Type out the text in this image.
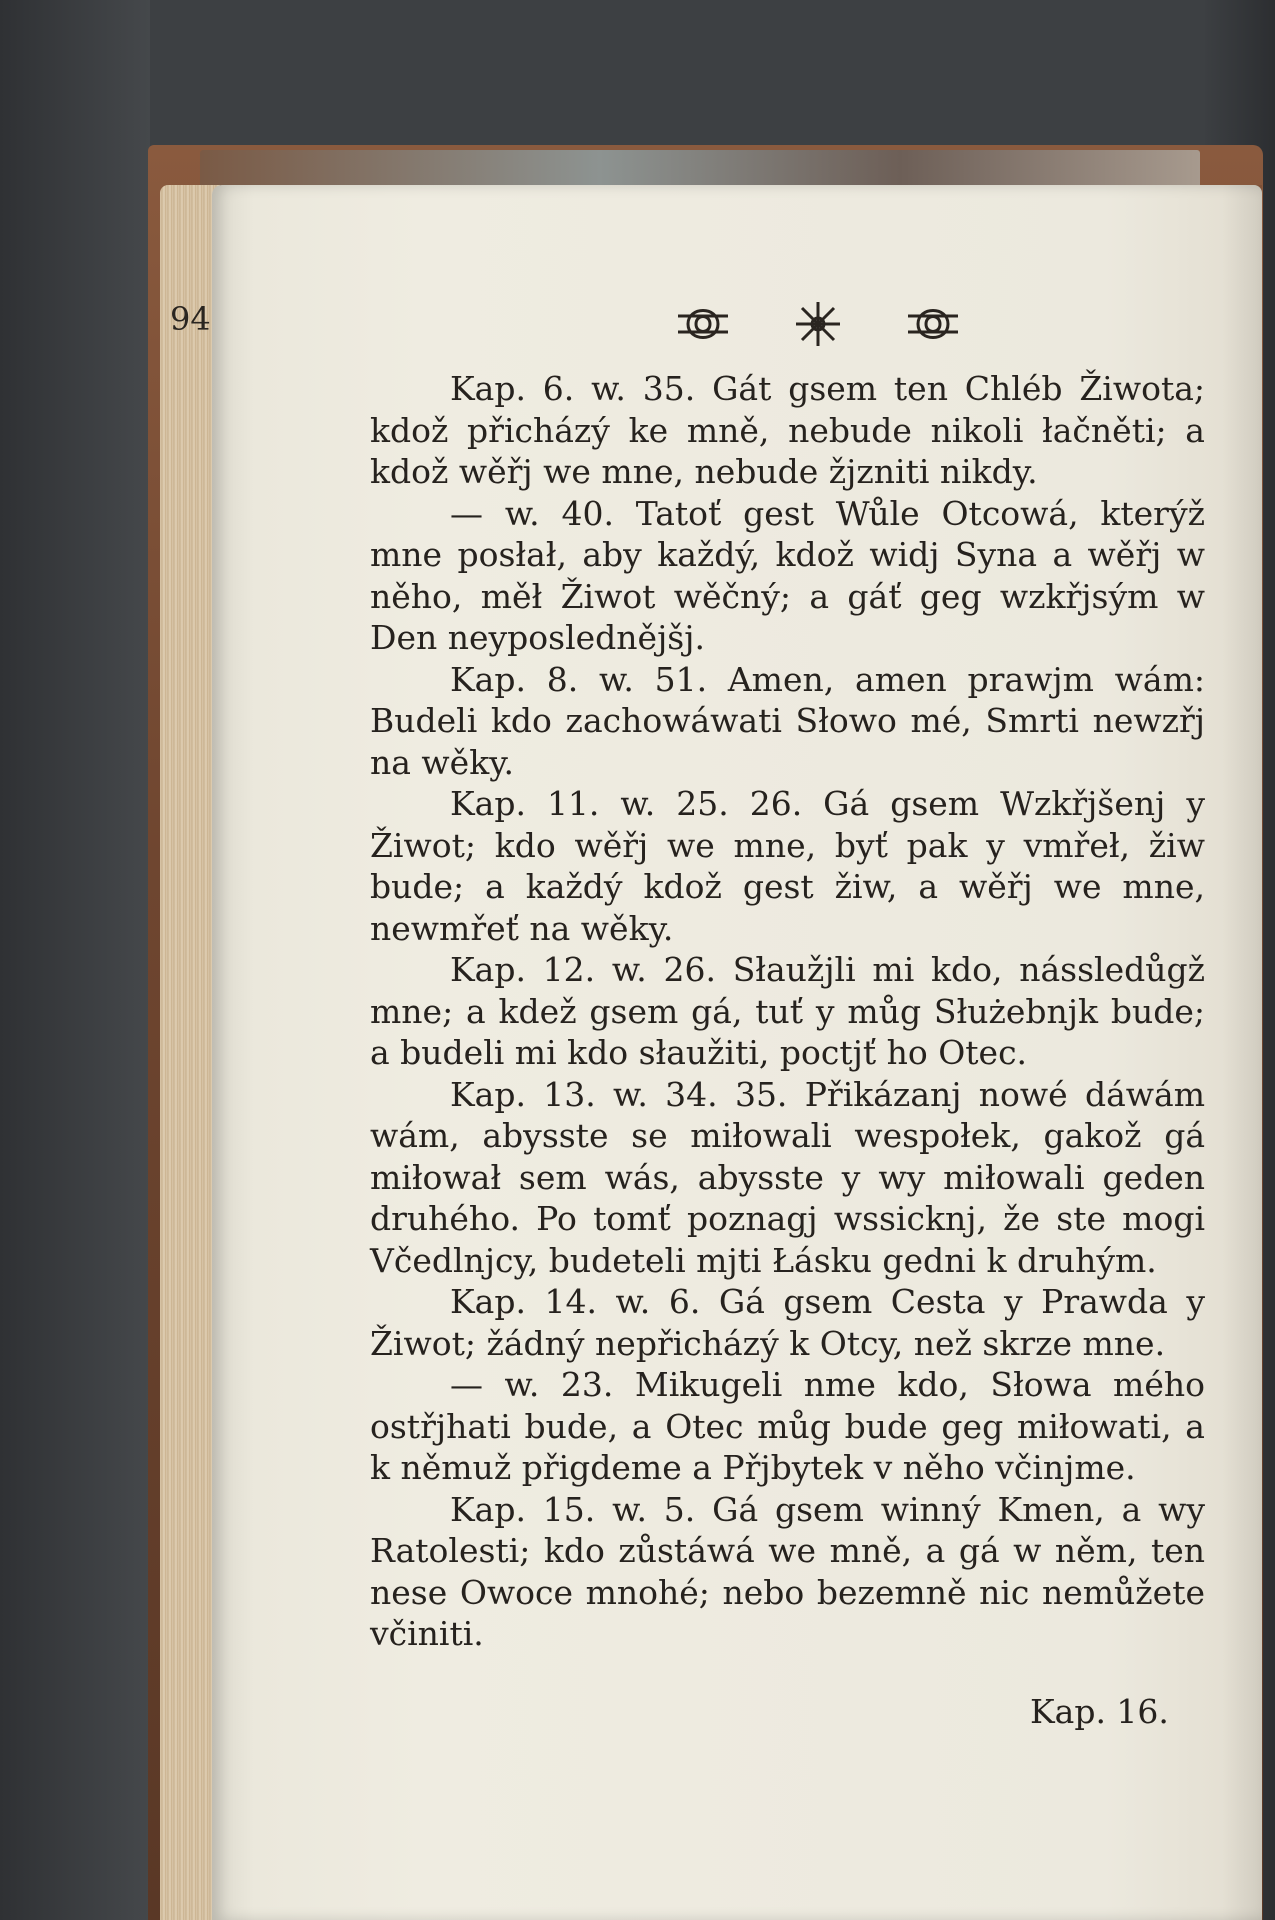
94

Kap. 6. w. 35. Gát gsem ten Chléb Žiwota; kdož přicházý ke mně, nebude nikoli łačněti; a kdož wěřj we mne, nebude žjzniti nikdy.

— w. 40. Tatoť gest Wůle Otcowá, kterýž mne posłał, aby každý, kdož widj Syna a wěřj w něho, měł Žiwot wěčný; a gáť geg wzkřjsým w Den neyposlednějšj.

Kap. 8. w. 51. Amen, amen prawjm wám: Budeli kdo zachowáwati Słowo mé, Smrti newzřj na wěky.

Kap. 11. w. 25. 26. Gá gsem Wzkřjšenj y Žiwot; kdo wěřj we mne, byť pak y vmřeł, žiw bude; a každý kdož gest žiw, a wěřj we mne, newmřeť na wěky.

Kap. 12. w. 26. Słaužjli mi kdo, nássledůgž mne; a kdež gsem gá, tuť y můg Służebnjk bude; a budeli mi kdo słaužiti, poctjť ho Otec.

Kap. 13. w. 34. 35. Přikázanj nowé dáwám wám, abysste se miłowali wespołek, gakož gá miłował sem wás, abysste y wy miłowali geden druhého. Po tomť poznagj wssicknj, že ste mogi Včedlnjcy, budeteli mjti Łásku gedni k druhým.

Kap. 14. w. 6. Gá gsem Cesta y Prawda y Žiwot; žádný nepřicházý k Otcy, než skrze mne.

— w. 23. Mikugeli nme kdo, Słowa mého ostřjhati bude, a Otec můg bude geg miłowati, a k němuž přigdeme a Přjbytek v něho včinjme.

Kap. 15. w. 5. Gá gsem winný Kmen, a wy Ratolesti; kdo zůstáwá we mně, a gá w něm, ten nese Owoce mnohé; nebo bezemně nic nemůžete včiniti.

Kap. 16.
